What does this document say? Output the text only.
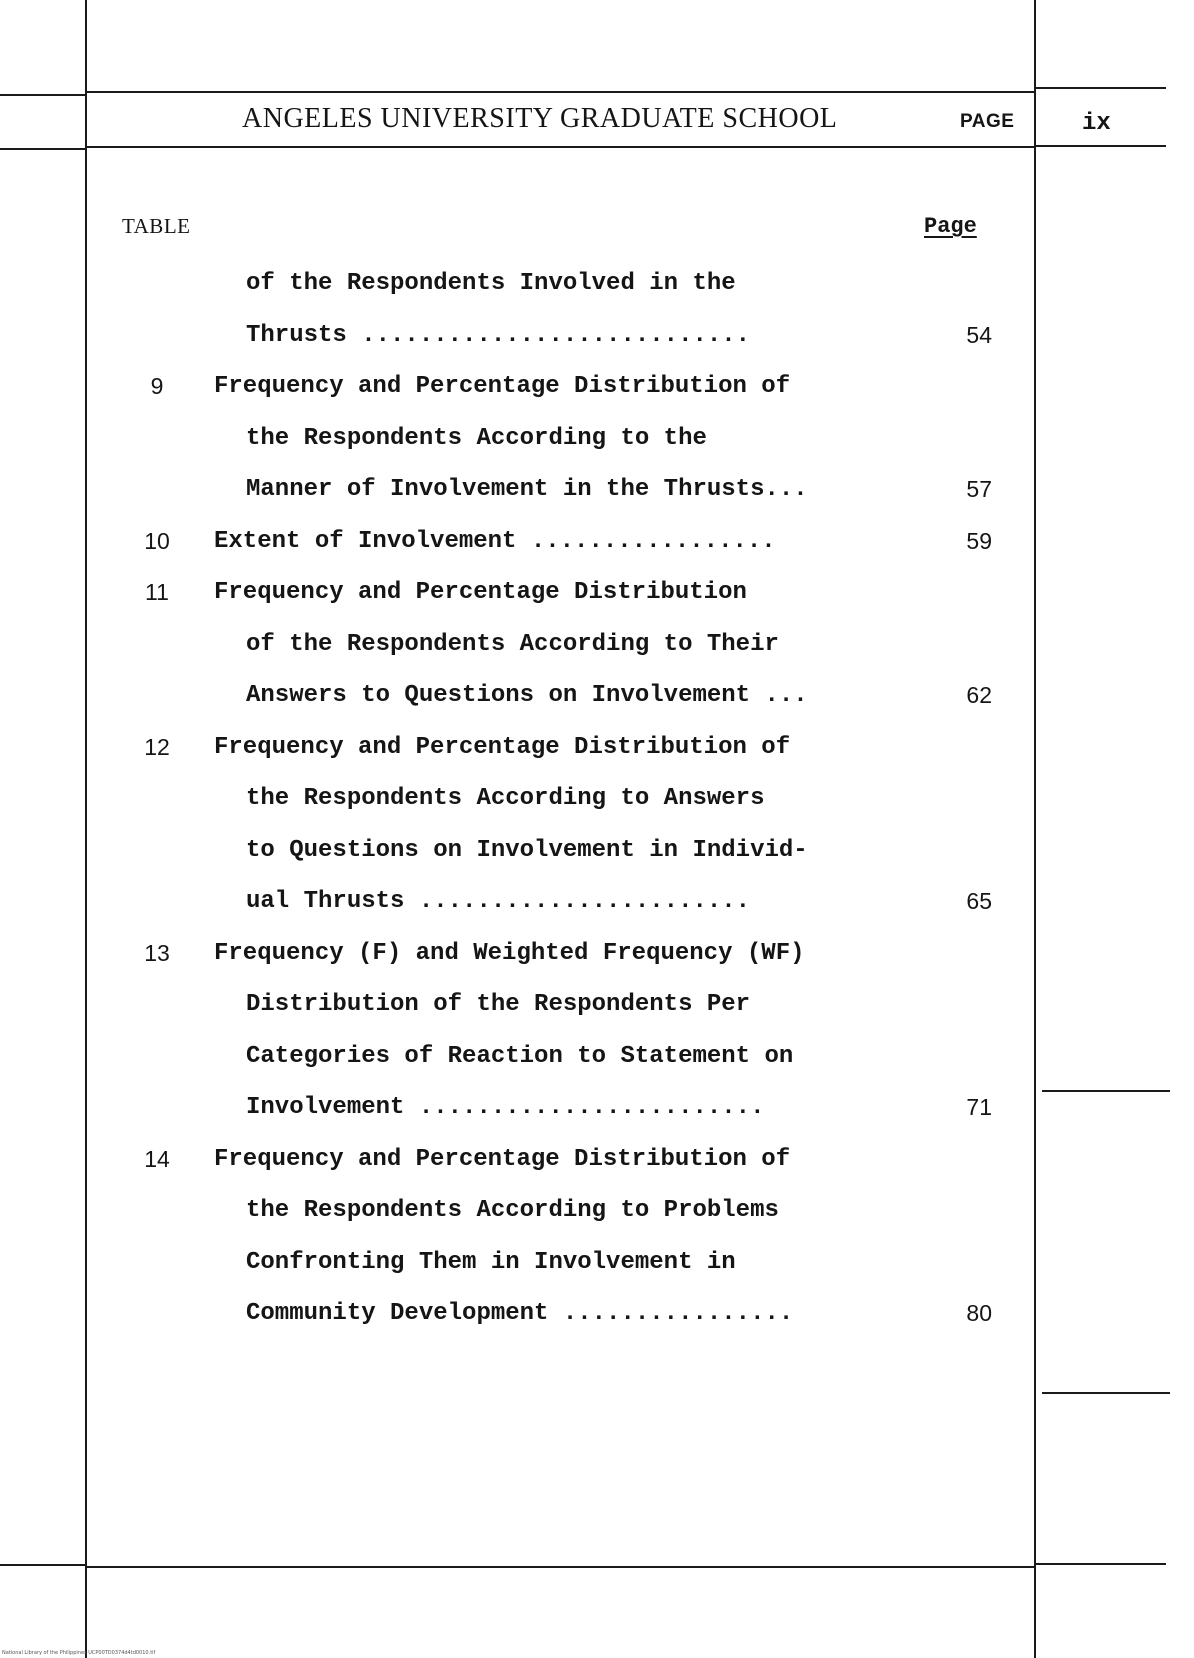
ANGELES UNIVERSITY GRADUATE SCHOOL	PAGE	ix
TABLE	Page
of the Respondents Involved in the
Thrusts ...........................	54
9	Frequency and Percentage Distribution of
the Respondents According to the
Manner of Involvement in the Thrusts...	57
10	Extent of Involvement .................	59
11	Frequency and Percentage Distribution
of the Respondents According to Their
Answers to Questions on Involvement ...	62
12	Frequency and Percentage Distribution of
the Respondents According to Answers
to Questions on Involvement in Individ-
ual Thrusts .......................	65
13	Frequency (F) and Weighted Frequency (WF)
Distribution of the Respondents Per
Categories of Reaction to Statement on
Involvement ........................	71
14	Frequency and Percentage Distribution of
the Respondents According to Problems
Confronting Them in Involvement in
Community Development ................	80
National Library of the Philippines UCP00TD0374d4td0010.tif
